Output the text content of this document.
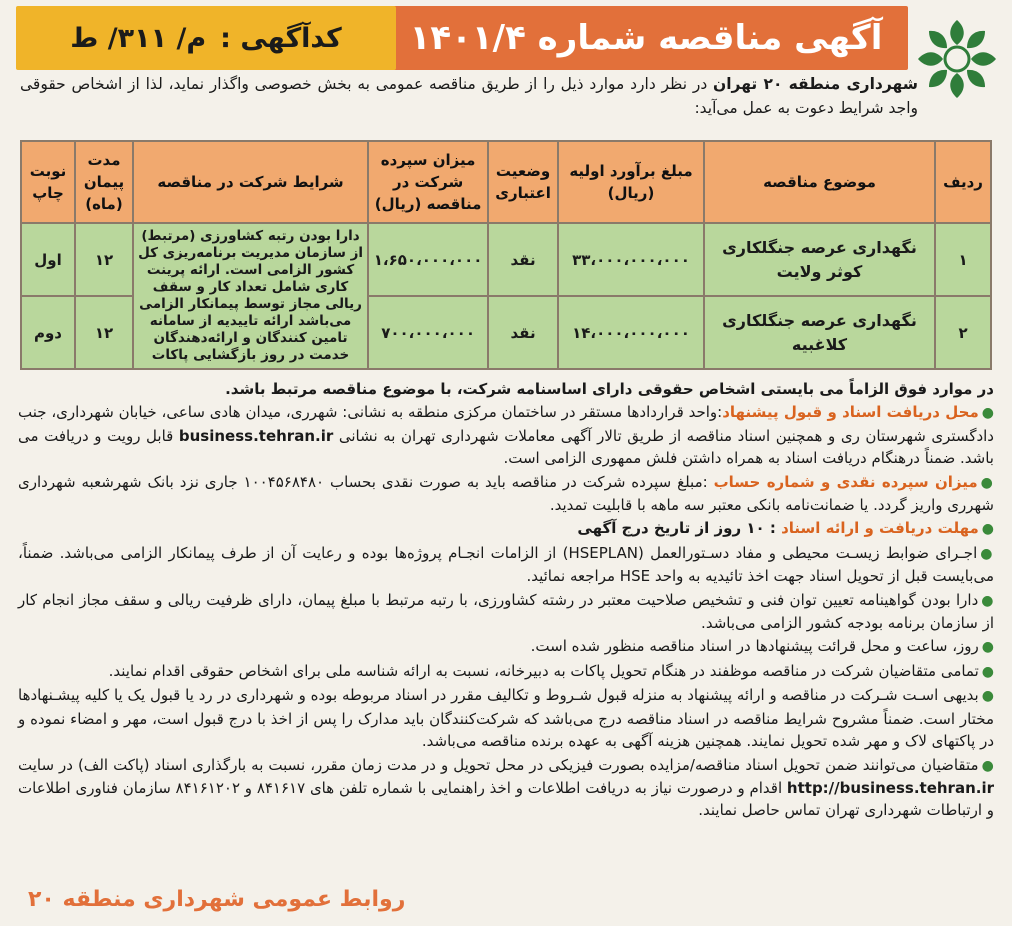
آگهی مناقصه شماره ۱۴۰۱/۴
کدآگهی :
م/ ۳۱۱/ ط
شهرداری منطقه ۲۰ تهران در نظر دارد موارد ذیل را از طریق مناقصه عمومی به بخش خصوصی واگذار نماید، لذا از اشخاص حقوقی واجد شرایط دعوت به عمل می‌آید:
ردیف	موضوع مناقصه	مبلغ برآورد اولیه (ریال)	وضعیت اعتباری	میزان سپرده شرکت در مناقصه (ریال)	شرایط شرکت در مناقصه	مدت پیمان (ماه)	نوبت چاپ
۱	نگهداری عرصه جنگلکاری کوثر ولایت	۳۳،۰۰۰،۰۰۰،۰۰۰	نقد	۱،۶۵۰،۰۰۰،۰۰۰	دارا بودن رتبه کشاورزی (مرتبط) از سازمان مدیریت برنامه‌ریزی کل کشور الزامی است. ارائه پرینت کاری شامل تعداد کار و سقف ریالی مجاز توسط پیمانکار الزامی می‌باشد ارائه تاییدیه از سامانه تامین کنندگان و ارائه‌دهندگان خدمت در روز بازگشایی پاکات	۱۲	اول
۲	نگهداری عرصه جنگلکاری کلاغبیه	۱۴،۰۰۰،۰۰۰،۰۰۰	نقد	۷۰۰،۰۰۰،۰۰۰		۱۲	دوم

در موارد فوق الزاماً می بایستی اشخاص حقوقی دارای اساسنامه شرکت، با موضوع مناقصه مرتبط باشد.

●محل دریافت اسناد و قبول پیشنهاد:واحد قراردادها مستقر در ساختمان مرکزی منطقه به نشانی: شهرری، میدان هادی ساعی، خیابان شهرداری، جنب دادگستری شهرستان ری و همچنین اسناد مناقصه از طریق تالار آگهی معاملات شهرداری تهران به نشانی business.tehran.ir قابل رویت و دریافت می باشد. ضمناً درهنگام دریافت اسناد به همراه داشتن فلش ممهوری الزامی است.

●میزان سپرده نقدی و شماره حساب :مبلغ سپرده شرکت در مناقصه باید به صورت نقدی بحساب ۱۰۰۴۵۶۸۴۸۰ جاری نزد بانک شهرشعبه شهرداری شهرری واریز گردد. یا ضمانت‌نامه بانکی معتبر سه ماهه با قابلیت تمدید.

●مهلت دریافت و ارائه اسناد : ۱۰ روز از تاریخ درج آگهی

●اجـرای ضوابط زیسـت محیطی و مفاد دسـتورالعمل (HSEPLAN) از الزامات انجـام پروژه‌ها بوده و رعایت آن از طرف پیمانکار الزامی می‌باشد. ضمناً، می‌بایست قبل از تحویل اسناد جهت اخذ تائیدیه به واحد HSE مراجعه نمائید.

●دارا بودن گواهینامه تعیین توان فنی و تشخیص صلاحیت معتبر در رشته کشاورزی، با رتبه مرتبط با مبلغ پیمان، دارای ظرفیت ریالی و سقف مجاز انجام کار از سازمان برنامه بودجه کشور الزامی می‌باشد.

●روز، ساعت و محل قرائت پیشنهادها در اسناد مناقصه منظور شده است.

●تمامی متقاضیان شرکت در مناقصه موظفند در هنگام تحویل پاکات به دبیرخانه، نسبت به ارائه شناسه ملی برای اشخاص حقوقی اقدام نمایند.

●بدیهی اسـت شـرکت در مناقصه و ارائه پیشنهاد به منزله قبول شـروط و تکالیف مقرر در اسناد مربوطه بوده و شهرداری در رد یا قبول یک یا کلیه پیشـنهادها مختار است. ضمناً مشروح شرایط مناقصه در اسناد مناقصه درج می‌باشد که شرکت‌کنندگان باید مدارک را پس از اخذ با درج قبول است، مهر و امضاء نموده و در پاکتهای لاک و مهر شده تحویل نمایند. همچنین هزینه آگهی به عهده برنده مناقصه می‌باشد.

●متقاضیان می‌توانند ضمن تحویل اسناد مناقصه/مزایده بصورت فیزیکی در محل تحویل و در مدت زمان مقرر، نسبت به بارگذاری اسناد (پاکت الف) در سایت http://business.tehran.ir اقدام و درصورت نیاز به دریافت اطلاعات و اخذ راهنمایی با شماره تلفن های ۸۴۱۶۱۷ و ۸۴۱۶۱۲۰۲ سازمان فناوری اطلاعات و ارتباطات شهرداری تهران تماس حاصل نمایند.

روابط عمومی شهرداری منطقه ۲۰
